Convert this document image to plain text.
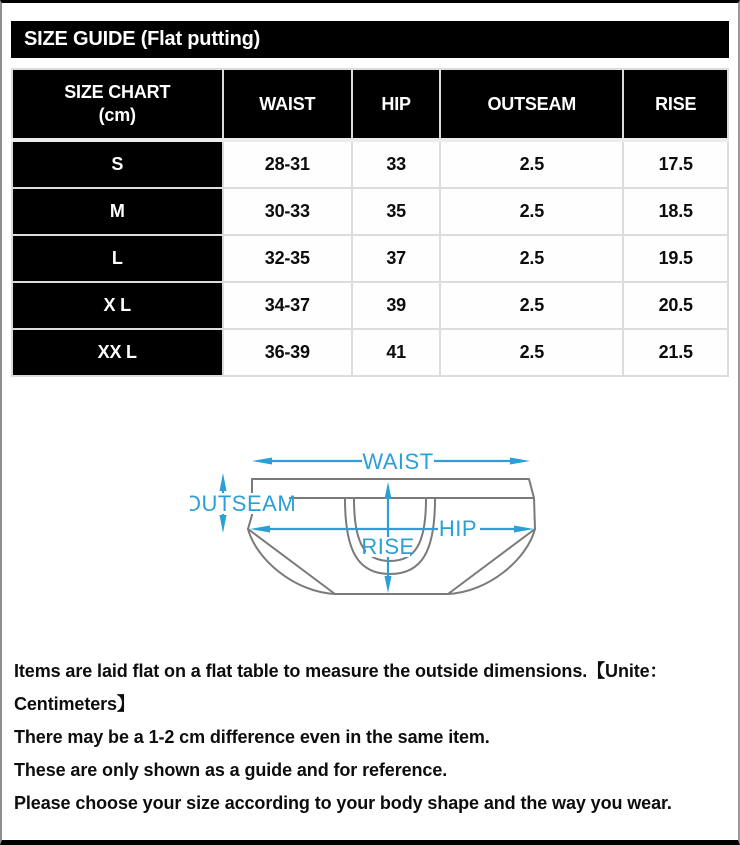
SIZE GUIDE (Flat putting)
SIZE CHART
(cm)	WAIST	HIP	OUTSEAM	RISE
S	28-31	33	2.5	17.5
M	30-33	35	2.5	18.5
L	32-35	37	2.5	19.5
X L	34-37	39	2.5	20.5
XX L	36-39	41	2.5	21.5
WAIST
OUTSEAM
HIP
RISE

Items are laid flat on a flat table to measure the outside dimensions.【Unite：Centimeters】

There may be a 1-2 cm difference even in the same item.

These are only shown as a guide and for reference.

Please choose your size according to your body shape and the way you wear.
